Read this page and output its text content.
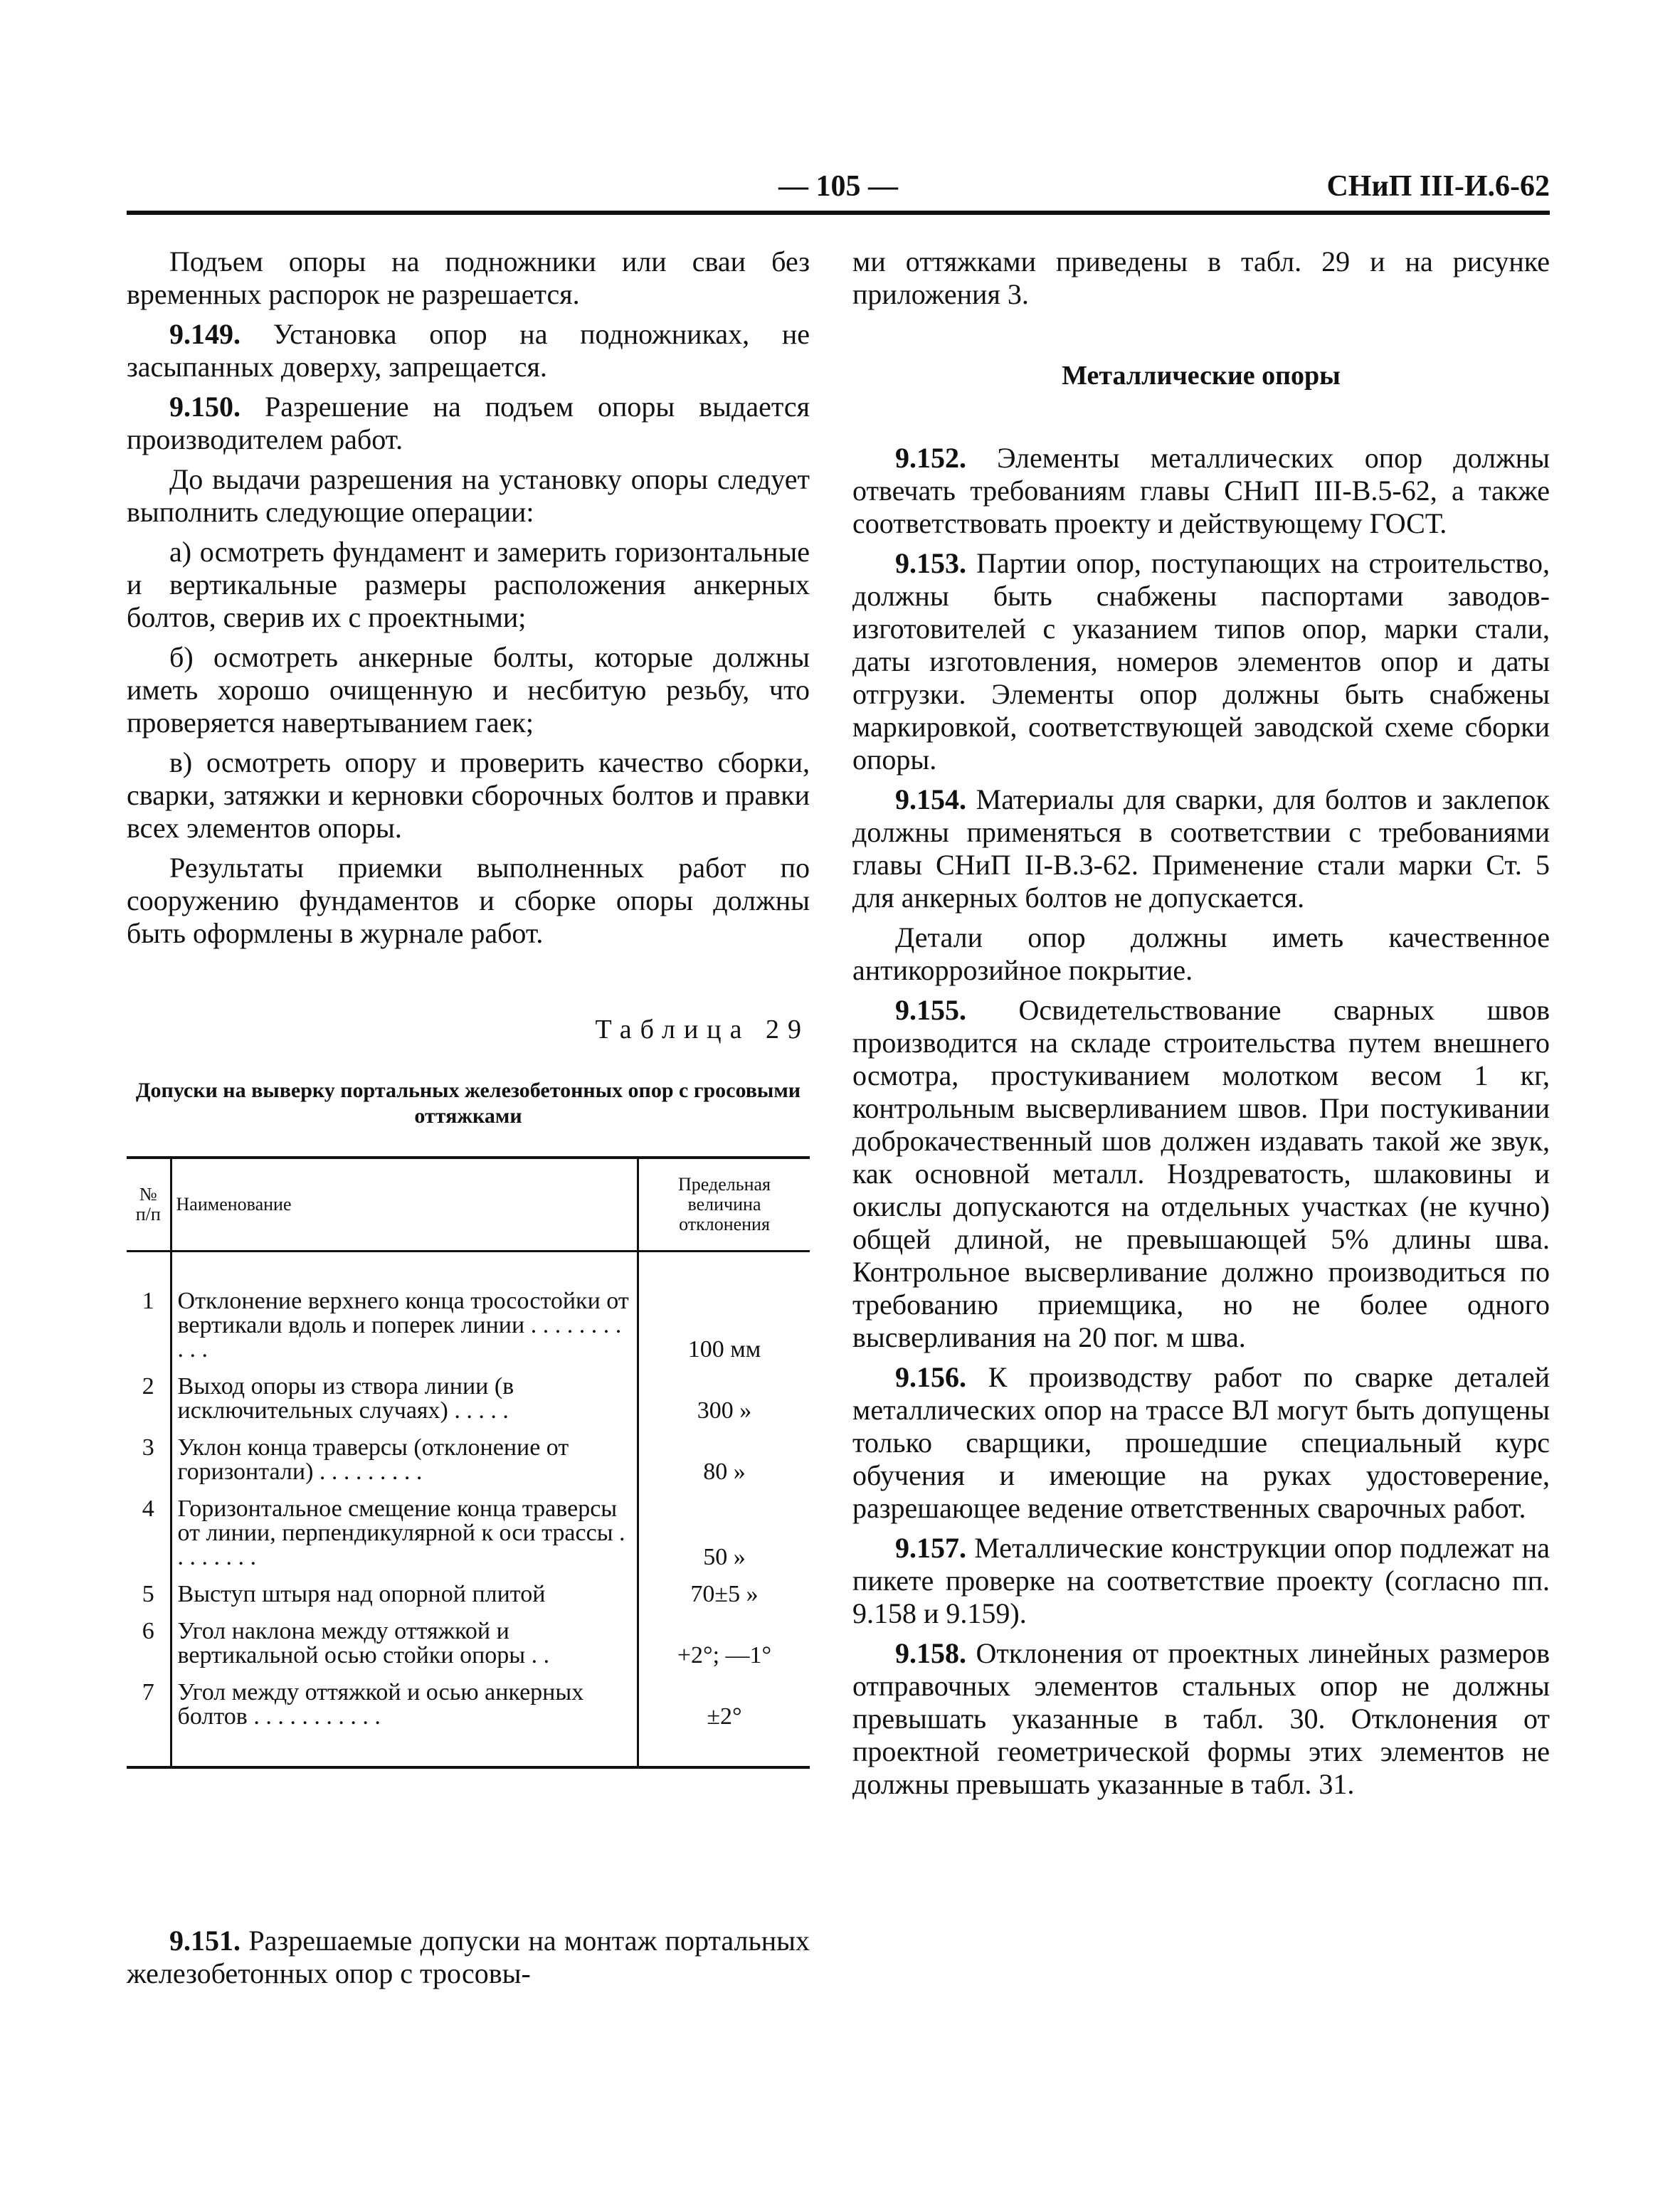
— 105 —	СНиП III-И.6-62

Подъем опоры на подножники или сваи без временных распорок не разрешается.

9.149. Установка опор на подножниках, не засыпанных доверху, запрещается.

9.150. Разрешение на подъем опоры выдается производителем работ.

До выдачи разрешения на установку опоры следует выполнить следующие операции:

а) осмотреть фундамент и замерить горизонтальные и вертикальные размеры расположения анкерных болтов, сверив их с проектными;

б) осмотреть анкерные болты, которые должны иметь хорошо очищенную и несбитую резьбу, что проверяется навертыванием гаек;

в) осмотреть опору и проверить качество сборки, сварки, затяжки и керновки сборочных болтов и правки всех элементов опоры.

Результаты приемки выполненных работ по сооружению фундаментов и сборке опоры должны быть оформлены в журнале работ.

Таблица 29
Допуски на выверку портальных железобетонных опор с гросовыми оттяжками
№ п/п	Наименование	Предельная величина отклонения
1	Отклонение верхнего конца тросостойки от вертикали вдоль и поперек линии . . . . . . . . . . .	100 мм
2	Выход опоры из створа линии (в исключительных случаях) . . . . .	300 »
3	Уклон конца траверсы (отклонение от горизонтали) . . . . . . . . .	80 »
4	Горизонтальное смещение конца траверсы от линии, перпендикулярной к оси трассы . . . . . . . .	50 »
5	Выступ штыря над опорной плитой	70±5 »
6	Угол наклона между оттяжкой и вертикальной осью стойки опоры . .	+2°; —1°
7	Угол между оттяжкой и осью анкерных болтов . . . . . . . . . . .	±2°

9.151. Разрешаемые допуски на монтаж портальных железобетонных опор с тросовы-

ми оттяжками приведены в табл. 29 и на рисунке приложения 3.

Металлические опоры

9.152. Элементы металлических опор должны отвечать требованиям главы СНиП III-В.5-62, а также соответствовать проекту и действующему ГОСТ.

9.153. Партии опор, поступающих на строительство, должны быть снабжены паспортами заводов-изготовителей с указанием типов опор, марки стали, даты изготовления, номеров элементов опор и даты отгрузки. Элементы опор должны быть снабжены маркировкой, соответствующей заводской схеме сборки опоры.

9.154. Материалы для сварки, для болтов и заклепок должны применяться в соответствии с требованиями главы СНиП II-В.3-62. Применение стали марки Ст. 5 для анкерных болтов не допускается.

Детали опор должны иметь качественное антикоррозийное покрытие.

9.155. Освидетельствование сварных швов производится на складе строительства путем внешнего осмотра, простукиванием молотком весом 1 кг, контрольным высверливанием швов. При постукивании доброкачественный шов должен издавать такой же звук, как основной металл. Ноздреватость, шлаковины и окислы допускаются на отдельных участках (не кучно) общей длиной, не превышающей 5% длины шва. Контрольное высверливание должно производиться по требованию приемщика, но не более одного высверливания на 20 пог. м шва.

9.156. К производству работ по сварке деталей металлических опор на трассе ВЛ могут быть допущены только сварщики, прошедшие специальный курс обучения и имеющие на руках удостоверение, разрешающее ведение ответственных сварочных работ.

9.157. Металлические конструкции опор подлежат на пикете проверке на соответствие проекту (согласно пп. 9.158 и 9.159).

9.158. Отклонения от проектных линейных размеров отправочных элементов стальных опор не должны превышать указанные в табл. 30. Отклонения от проектной геометрической формы этих элементов не должны превышать указанные в табл. 31.
